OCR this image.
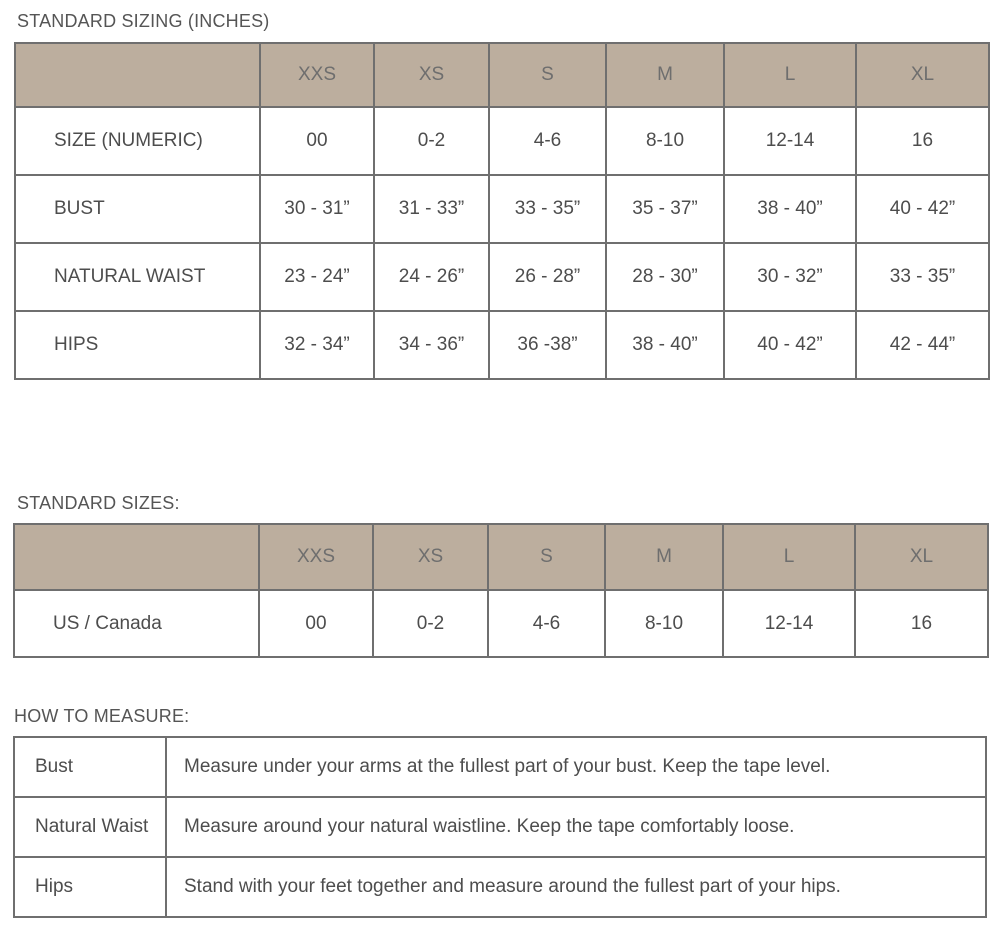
STANDARD SIZING (INCHES)
	XXS	XS	S	M	L	XL
SIZE (NUMERIC)	00	0-2	4-6	8-10	12-14	16
BUST	30 - 31”	31 - 33”	33 - 35”	35 - 37”	38 - 40”	40 - 42”
NATURAL WAIST	23 - 24”	24 - 26”	26 - 28”	28 - 30”	30 - 32”	33 - 35”
HIPS	32 - 34”	34 - 36”	36 -38”	38 - 40”	40 - 42”	42 - 44”
STANDARD SIZES:
	XXS	XS	S	M	L	XL
US / Canada	00	0-2	4-6	8-10	12-14	16
HOW TO MEASURE:
Bust	Measure under your arms at the fullest part of your bust. Keep the tape level.
Natural Waist	Measure around your natural waistline. Keep the tape comfortably loose.
Hips	Stand with your feet together and measure around the fullest part of your hips.
